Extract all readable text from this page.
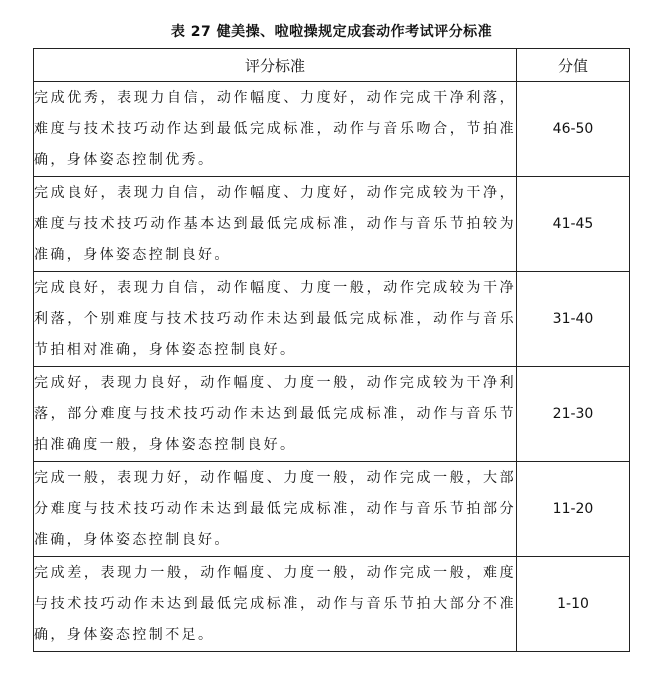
表 27 健美操、啦啦操规定成套动作考试评分标准
评分标准	分值
完成优秀，表现力自信，动作幅度、力度好，动作完成干净利落，难度与技术技巧动作达到最低完成标准，动作与音乐吻合，节拍准确，身体姿态控制优秀。	46-50
完成良好，表现力自信，动作幅度、力度好，动作完成较为干净，难度与技术技巧动作基本达到最低完成标准，动作与音乐节拍较为准确，身体姿态控制良好。	41-45
完成良好，表现力自信，动作幅度、力度一般，动作完成较为干净利落，个别难度与技术技巧动作未达到最低完成标准，动作与音乐节拍相对准确，身体姿态控制良好。	31-40
完成好，表现力良好，动作幅度、力度一般，动作完成较为干净利落，部分难度与技术技巧动作未达到最低完成标准，动作与音乐节拍准确度一般，身体姿态控制良好。	21-30
完成一般，表现力好，动作幅度、力度一般，动作完成一般，大部分难度与技术技巧动作未达到最低完成标准，动作与音乐节拍部分准确，身体姿态控制良好。	11-20
完成差，表现力一般，动作幅度、力度一般，动作完成一般，难度与技术技巧动作未达到最低完成标准，动作与音乐节拍大部分不准确，身体姿态控制不足。	1-10
